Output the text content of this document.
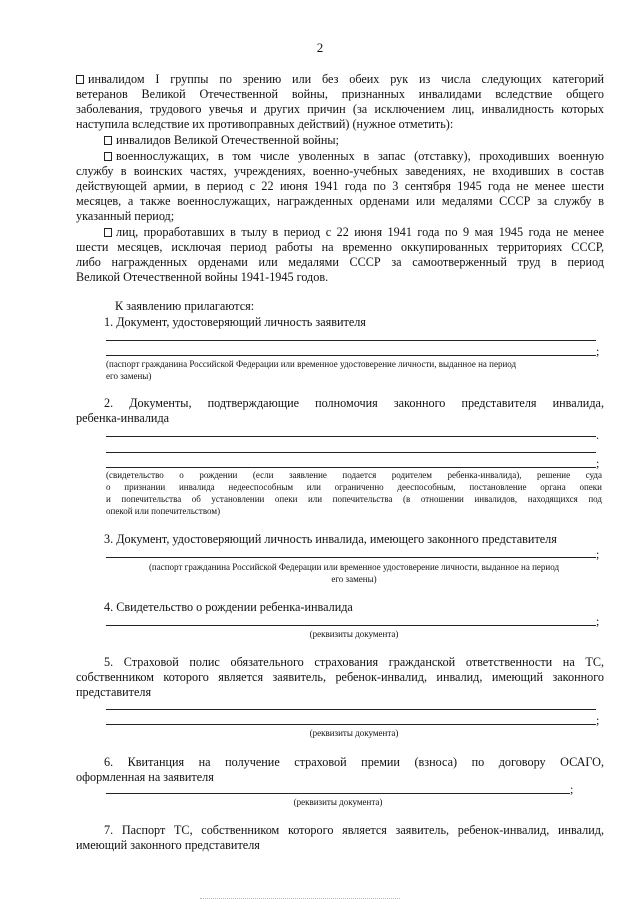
2
инвалидом I группы по зрению или без обеих рук из числа следующих категорий
ветеранов Великой Отечественной войны, признанных инвалидами вследствие общего
заболевания, трудового увечья и других причин (за исключением лиц, инвалидность которых
наступила вследствие их противоправных действий) (нужное отметить):
инвалидов Великой Отечественной войны;
военнослужащих, в том числе уволенных в запас (отставку), проходивших военную
службу в воинских частях, учреждениях, военно-учебных заведениях, не входивших в состав
действующей армии, в период с 22 июня 1941 года по 3 сентября 1945 года не менее шести
месяцев, а также военнослужащих, награжденных орденами или медалями СССР за службу в
указанный период;
лиц, проработавших в тылу в период с 22 июня 1941 года по 9 мая 1945 года не менее
шести месяцев, исключая период работы на временно оккупированных территориях СССР,
либо награжденных орденами или медалями СССР за самоотверженный труд в период
Великой Отечественной войны 1941-1945 годов.
К заявлению прилагаются:
1. Документ, удостоверяющий личность заявителя
;
(паспорт гражданина Российской Федерации или временное удостоверение личности, выданное на период
его замены)
2. Документы, подтверждающие полномочия законного представителя инвалида,
ребенка-инвалида
.
;
(свидетельство о рождении (если заявление подается родителем ребенка-инвалида), решение суда
о признании инвалида недееспособным или ограниченно дееспособным, постановление органа опеки
и попечительства об установлении опеки или попечительства (в отношении инвалидов, находящихся под
опекой или попечительством)
3. Документ, удостоверяющий личность инвалида, имеющего законного представителя
;
(паспорт гражданина Российской Федерации или временное удостоверение личности, выданное на период
его замены)
4. Свидетельство о рождении ребенка-инвалида
;
(реквизиты документа)
5. Страховой полис обязательного страхования гражданской ответственности на ТС,
собственником которого является заявитель, ребенок-инвалид, инвалид, имеющий законного
представителя
;
(реквизиты документа)
6. Квитанция на получение страховой премии (взноса) по договору ОСАГО,
оформленная на заявителя
;
(реквизиты документа)
7. Паспорт ТС, собственником которого является заявитель, ребенок-инвалид, инвалид,
имеющий законного представителя
